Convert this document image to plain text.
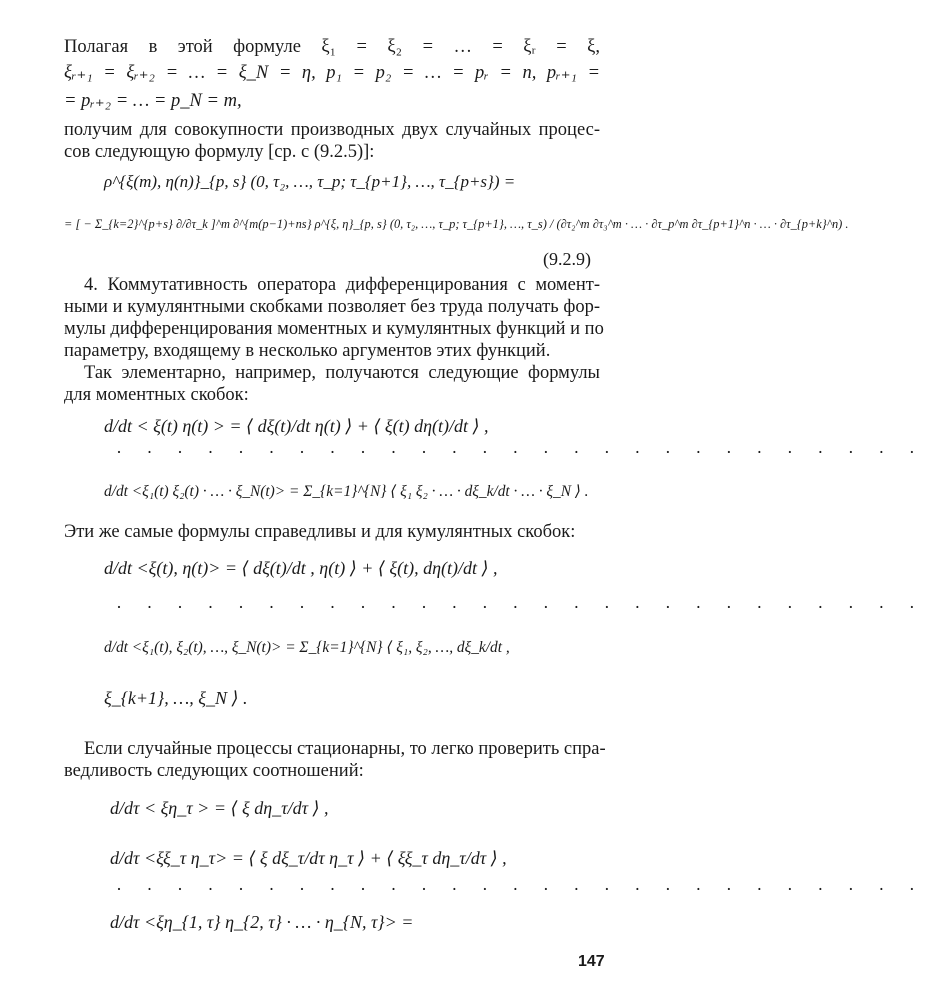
Полагая в этой формуле ξ₁ = ξ₂ = … = ξᵣ = ξ,
ξᵣ₊₁ = ξᵣ₊₂ = … = ξ_N = η, p₁ = p₂ = … = pᵣ = n, pᵣ₊₁ =
= pᵣ₊₂ = … = p_N = m,
получим для совокупности производных двух случайных процес-
сов следующую формулу [ср. с (9.2.5)]:
ρ^{ξ(m), η(n)}_{p, s} (0, τ₂, …, τ_p; τ_{p+1}, …, τ_{p+s}) =
= [ − Σ_{k=2}^{p+s} ∂/∂τ_k ]^m ∂^{m(p−1)+ns} ρ^{ξ, η}_{p, s} (0, τ₂, …, τ_p; τ_{p+1}, …, τ_s) / (∂τ₂^m ∂τ₃^m · … · ∂τ_p^m ∂τ_{p+1}^n · … · ∂τ_{p+k}^n) .
(9.2.9)
4. Коммутативность оператора дифференцирования с момент-
ными и кумулянтными скобками позволяет без труда получать фор-
мулы дифференцирования моментных и кумулянтных функций и по
параметру, входящему в несколько аргументов этих функций.
Так элементарно, например, получаются следующие формулы
для моментных скобок:
d/dt < ξ(t) η(t) > = ⟨ dξ(t)/dt η(t) ⟩ + ⟨ ξ(t) dη(t)/dt ⟩ ,
· · · · · · · · · · · · · · · · · · · · · · · · · · ·
d/dt <ξ₁(t) ξ₂(t) · … · ξ_N(t)> = Σ_{k=1}^{N} ⟨ ξ₁ ξ₂ · … · dξ_k/dt · … · ξ_N ⟩ .
Эти же самые формулы справедливы и для кумулянтных скобок:
d/dt <ξ(t), η(t)> = ⟨ dξ(t)/dt , η(t) ⟩ + ⟨ ξ(t), dη(t)/dt ⟩ ,
· · · · · · · · · · · · · · · · · · · · · · · · · · ·
d/dt <ξ₁(t), ξ₂(t), …, ξ_N(t)> = Σ_{k=1}^{N} ⟨ ξ₁, ξ₂, …, dξ_k/dt ,
ξ_{k+1}, …, ξ_N ⟩ .
Если случайные процессы стационарны, то легко проверить спра-
ведливость следующих соотношений:
d/dτ < ξη_τ > = ⟨ ξ dη_τ/dτ ⟩ ,
d/dτ <ξξ_τ η_τ> = ⟨ ξ dξ_τ/dτ η_τ ⟩ + ⟨ ξξ_τ dη_τ/dτ ⟩ ,
· · · · · · · · · · · · · · · · · · · · · · · · · · ·
d/dτ <ξη_{1, τ} η_{2, τ} · … · η_{N, τ}> =
147
